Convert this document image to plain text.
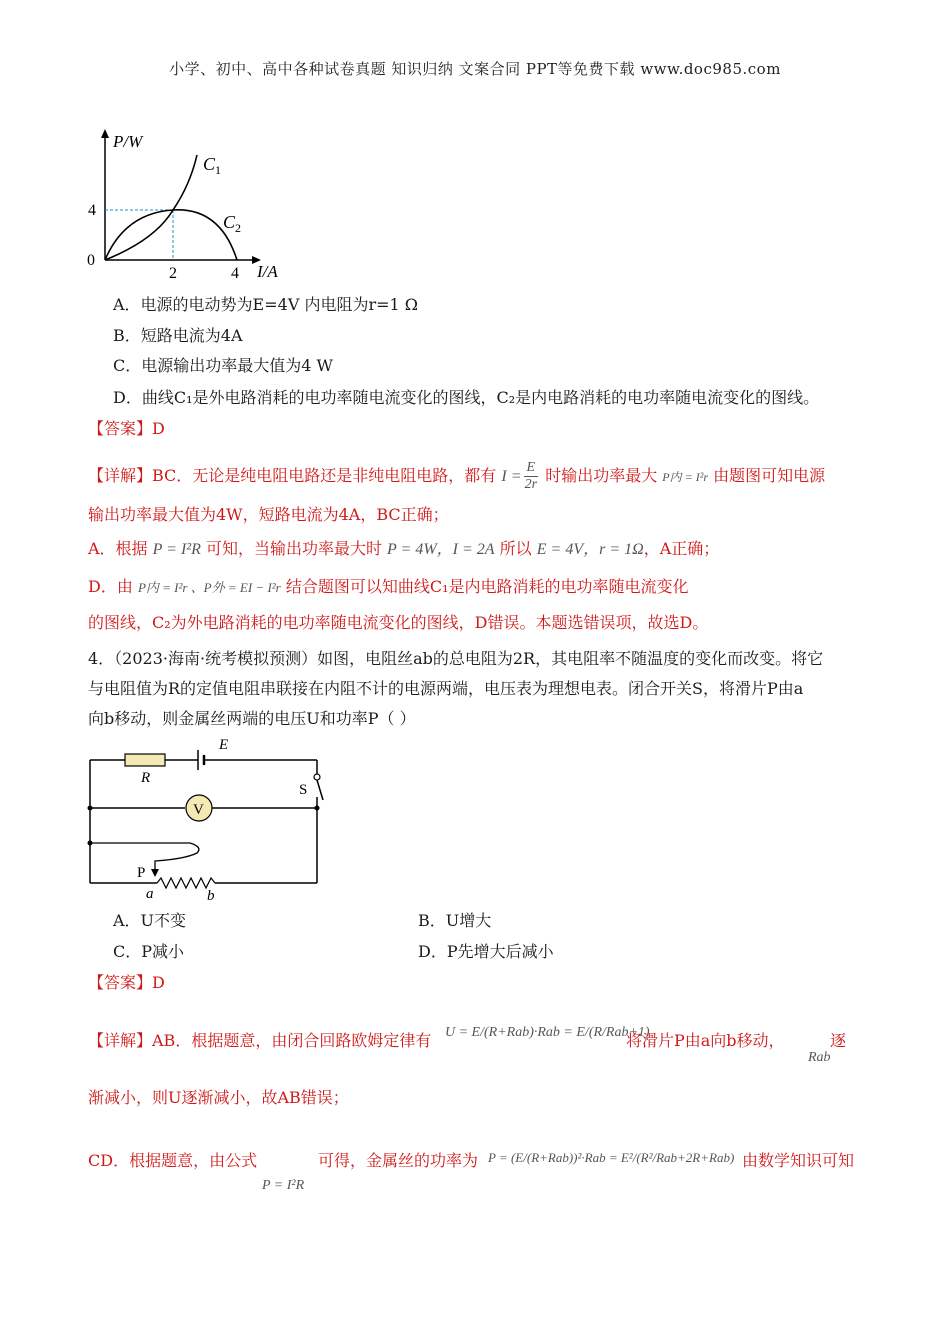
小学、初中、高中各种试卷真题 知识归纳 文案合同 PPT等免费下载 www.doc985.com
P/W
I/A
0
4
2	4
$C_1$
$C_2$
A．电源的电动势为E=4V 内电阻为r=1 Ω
B．短路电流为4A
C．电源输出功率最大值为4 W
D．曲线C₁是外电路消耗的电功率随电流变化的图线，C₂是内电路消耗的电功率随电流变化的图线。
【答案】D
【详解】BC．无论是纯电阻电路还是非纯电阻电路，都有 $I = \frac{E}{2r}$ 时输出功率最大 P内 = I²r 由题图可知电源
输出功率最大值为4W，短路电流为4A，BC正确；
A．根据 P = I²R 可知，当输出功率最大时 P = 4W，I = 2A 所以 E = 4V，r = 1Ω，A正确；
D．由 P内 = I²r 、P外 = EI − I²r 结合题图可以知曲线C₁是内电路消耗的电功率随电流变化
的图线，C₂为外电路消耗的电功率随电流变化的图线，D错误。本题选错误项，故选D。
4．（2023·海南·统考模拟预测）如图，电阻丝ab的总电阻为2R，其电阻率不随温度的变化而改变。将它
与电阻值为R的定值电阻串联接在内阻不计的电源两端，电压表为理想电表。闭合开关S，将滑片P由a
向b移动，则金属丝两端的电压U和功率P（ ）
R
E
S
V
P
a	b
A．U不变	B．U增大
C．P减小	D．P先增大后减小
【答案】D
【详解】AB．根据题意，由闭合回路欧姆定律有 U = E/(R+Rab)·Rab = E/(R/Rab+1)
将滑片P由a向b移动，	逐
Rab
渐减小，则U逐渐减小，故AB错误；
CD．根据题意，由公式	可得，金属丝的功率为 P = (E/(R+Rab))²·Rab = E²/(R²/Rab+2R+Rab) 由数学知识可知
P = I²R
